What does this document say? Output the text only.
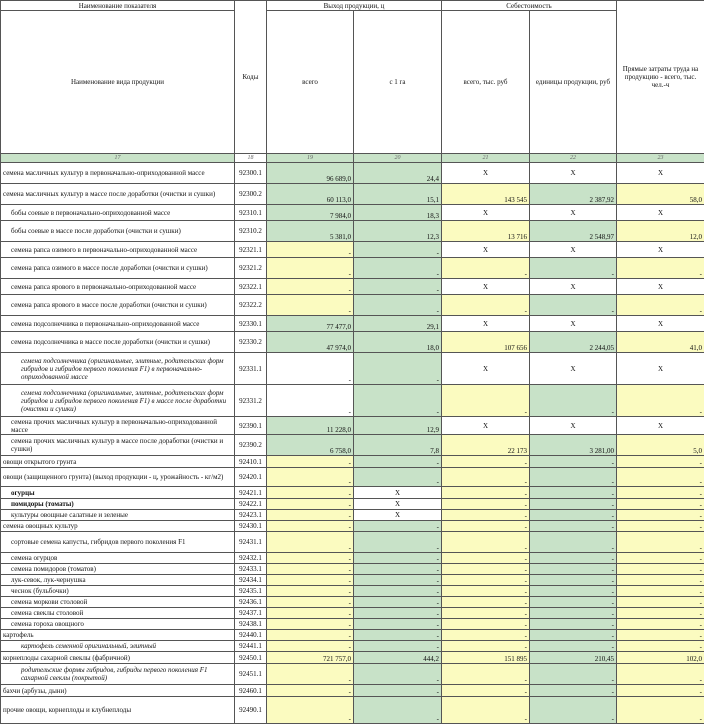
Наименование показателя	Коды	Выход продукции, ц		Себестоимость		Прямые затраты труда на продукцию - всего, тыс. чел.-ч
Наименование вида продукции		всего	с 1 га	всего, тыс. руб	единицы продукции, руб	
17	18	19	20	21	22	23
семена масличных культур в первоначально-оприходованной массе	92300.1	96 689,0	24,4	X	X	X
семена масличных культур в массе после доработки (очистки и сушки)	92300.2	60 113,0	15,1	143 545	2 387,92	58,0
бобы соевые в первоначально-оприходованной массе	92310.1	7 984,0	18,3	X	X	X
бобы соевые в массе после доработки (очистки и сушки)	92310.2	5 381,0	12,3	13 716	2 548,97	12,0
семена рапса озимого в первоначально-оприходованной массе	92321.1	-	-	X	X	X
семена рапса озимого в массе после доработки (очистки и сушки)	92321.2	-	-	-	-	-
семена рапса ярового в первоначально-оприходованной массе	92322.1	-	-	X	X	X
семена рапса ярового в массе после доработки (очистки и сушки)	92322.2	-	-	-	-	-
семена подсолнечника в первоначально-оприходованной массе	92330.1	77 477,0	29,1	X	X	X
семена подсолнечника в массе после доработки (очистки и сушки)	92330.2	47 974,0	18,0	107 656	2 244,05	41,0
семена подсолнечника (оригинальные, элитные, родительских форм гибридов и гибридов первого поколения F1) в первоначально-оприходованной массе	92331.1	-	-	X	X	X
семена подсолнечника (оригинальные, элитные, родительских форм гибридов и гибридов первого поколения F1) в массе после доработки (очистки и сушки)	92331.2	-	-	-	-	-
семена прочих масличных культур в первоначально-оприходованной массе	92390.1	11 228,0	12,9	X	X	X
семена прочих масличных культур в массе после доработки (очистки и сушки)	92390.2	6 758,0	7,8	22 173	3 281,00	5,0
овощи открытого грунта	92410.1	-	-	-	-	-
овощи (защищенного грунта) (выход продукции - ц, урожайность - кг/м2)	92420.1	-	-	-	-	-
огурцы	92421.1	-	X	-	-	-
помидоры (томаты)	92422.1	-	X	-	-	-
культуры овощные салатные и зеленые	92423.1	-	X	-	-	-
семена овощных культур	92430.1	-	-	-	-	-
сортовые семена капусты, гибридов первого поколения F1	92431.1	-	-	-	-	-
семена огурцов	92432.1	-	-	-	-	-
семена помидоров (томатов)	92433.1	-	-	-	-	-
лук-севок, лук-чернушка	92434.1	-	-	-	-	-
чеснок (бульбочки)	92435.1	-	-	-	-	-
семена моркови столовой	92436.1	-	-	-	-	-
семена свеклы столовой	92437.1	-	-	-	-	-
семена гороха овощного	92438.1	-	-	-	-	-
картофель	92440.1	-	-	-	-	-
картофель семенной оригинальный, элитный	92441.1	-	-	-	-	-
корнеплоды сахарной свеклы (фабричной)	92450.1	721 757,0	444,2	151 895	210,45	102,0
родительские формы гибридов, гибриды первого поколения F1 сахарной свеклы (покрытой)	92451.1	-	-	-	-	-
бахчи (арбузы, дыни)	92460.1	-	-	-	-	-
прочие овощи, корнеплоды и клубнеплоды	92490.1	-	-	-	-	-
